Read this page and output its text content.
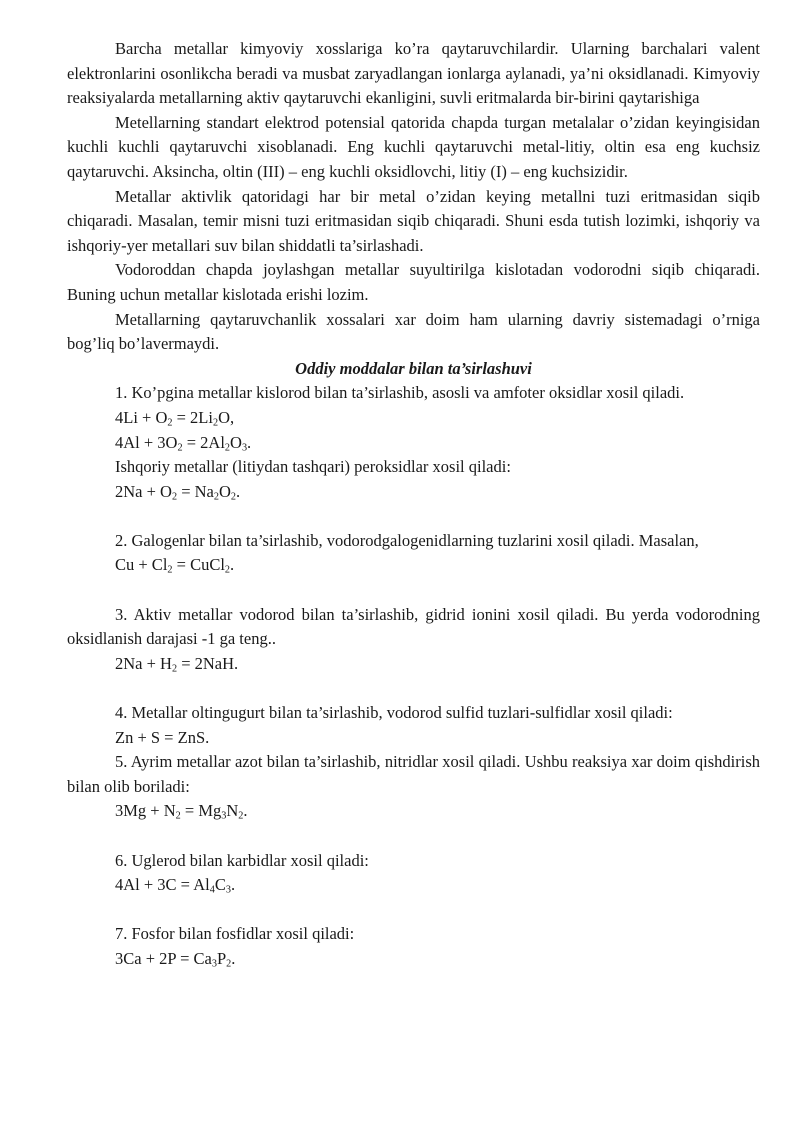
Barcha metallar kimyoviy xosslariga ko’ra qaytaruvchilardir. Ularning barchalari valent elektronlarini osonlikcha beradi va musbat zaryadlangan ionlarga aylanadi, ya’ni oksidlanadi. Kimyoviy reaksiyalarda metallarning aktiv qaytaruvchi ekanligini, suvli eritmalarda bir-birini qaytarishiga

Metellarning standart elektrod potensial qatorida chapda turgan metalalar o’zidan keyingisidan kuchli kuchli qaytaruvchi xisoblanadi. Eng kuchli qaytaruvchi metal-litiy, oltin esa eng kuchsiz qaytaruvchi. Aksincha, oltin (III) – eng kuchli oksidlovchi, litiy (I) – eng kuchsizidir.

Metallar aktivlik qatoridagi har bir metal o’zidan keying metallni tuzi eritmasidan siqib chiqaradi. Masalan, temir misni tuzi eritmasidan siqib chiqaradi. Shuni esda tutish lozimki, ishqoriy va ishqoriy-yer metallari suv bilan shiddatli ta’sirlashadi.

Vodoroddan chapda joylashgan metallar suyultirilga kislotadan vodorodni siqib chiqaradi. Buning uchun metallar kislotada erishi lozim.

Metallarning qaytaruvchanlik xossalari xar doim ham ularning davriy sistemadagi o’rniga bog’liq bo’lavermaydi.

Oddiy moddalar bilan ta’sirlashuvi

1. Ko’pgina metallar kislorod bilan ta’sirlashib, asosli va amfoter oksidlar xosil qiladi.

$4Li + O_2 = 2Li_2O$,

$4Al + 3O_2 = 2Al_2O_3$.

Ishqoriy metallar (litiydan tashqari) peroksidlar xosil qiladi:

$2Na + O_2 = Na_2O_2$.

2. Galogenlar bilan ta’sirlashib, vodorodgalogenidlarning tuzlarini xosil qiladi. Masalan,

$Cu + Cl_2$ = CuCl$_2$.

3. Aktiv metallar vodorod bilan ta’sirlashib, gidrid ionini xosil qiladi. Bu yerda vodorodning oksidlanish darajasi -1 ga teng..

$2Na + H_2 = 2NaH$.

4. Metallar oltingugurt bilan ta’sirlashib, vodorod sulfid tuzlari-sulfidlar xosil qiladi:

Zn + S = ZnS.

5. Ayrim metallar azot bilan ta’sirlashib, nitridlar xosil qiladi. Ushbu reaksiya xar doim qishdirish bilan olib boriladi:

$3Mg + N_2 = Mg_3N_2$.

6. Uglerod bilan karbidlar xosil qiladi:

$4Al + 3C = Al_4C_3$.

7. Fosfor bilan fosfidlar xosil qiladi:

$3Ca + 2P = Ca_3P_2$.
